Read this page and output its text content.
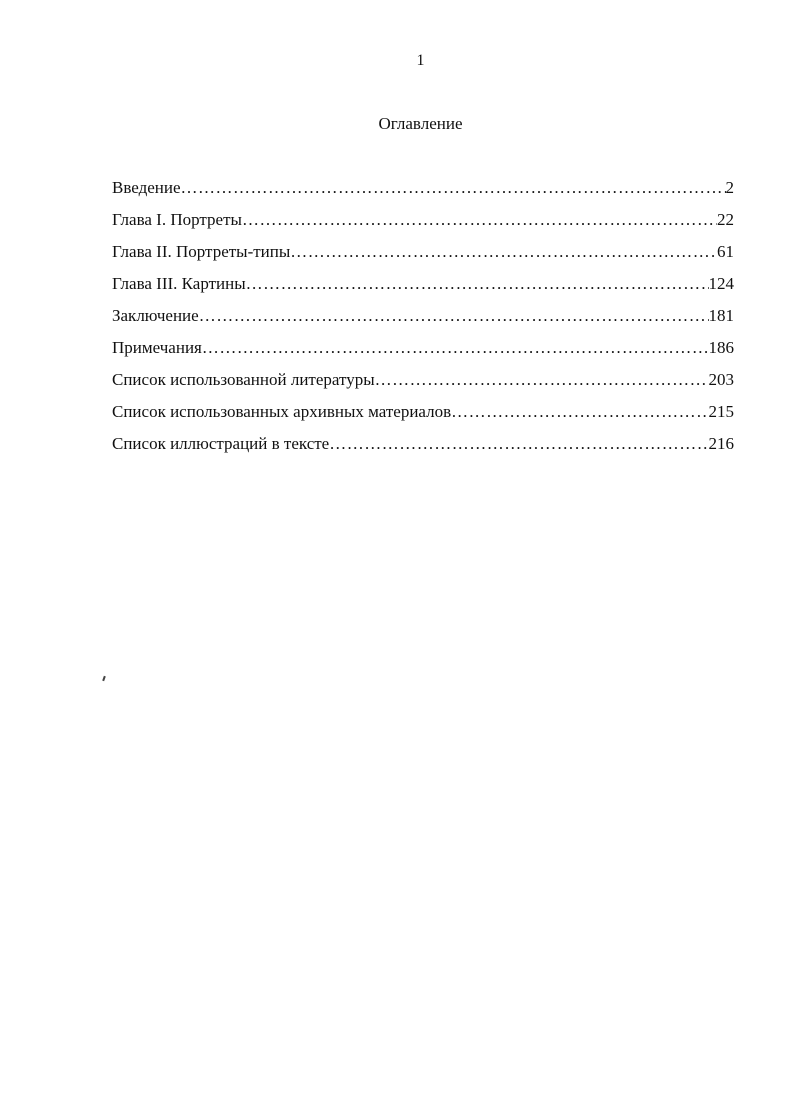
1
Оглавление
Введение …………………………………………………………………………………………………………………………………………………………………………	2
Глава I. Портреты …………………………………………………………………………………………………………………………………………………………………………	22
Глава II. Портреты-типы …………………………………………………………………………………………………………………………………………………………………………	61
Глава III. Картины …………………………………………………………………………………………………………………………………………………………………………	124
Заключение …………………………………………………………………………………………………………………………………………………………………………	181
Примечания …………………………………………………………………………………………………………………………………………………………………………	186
Список использованной литературы …………………………………………………………………………………………………………………………………………………………………………	203
Список использованных архивных материалов …………………………………………………………………………………………………………………………………………………………………………	215
Список иллюстраций в тексте …………………………………………………………………………………………………………………………………………………………………………	216
